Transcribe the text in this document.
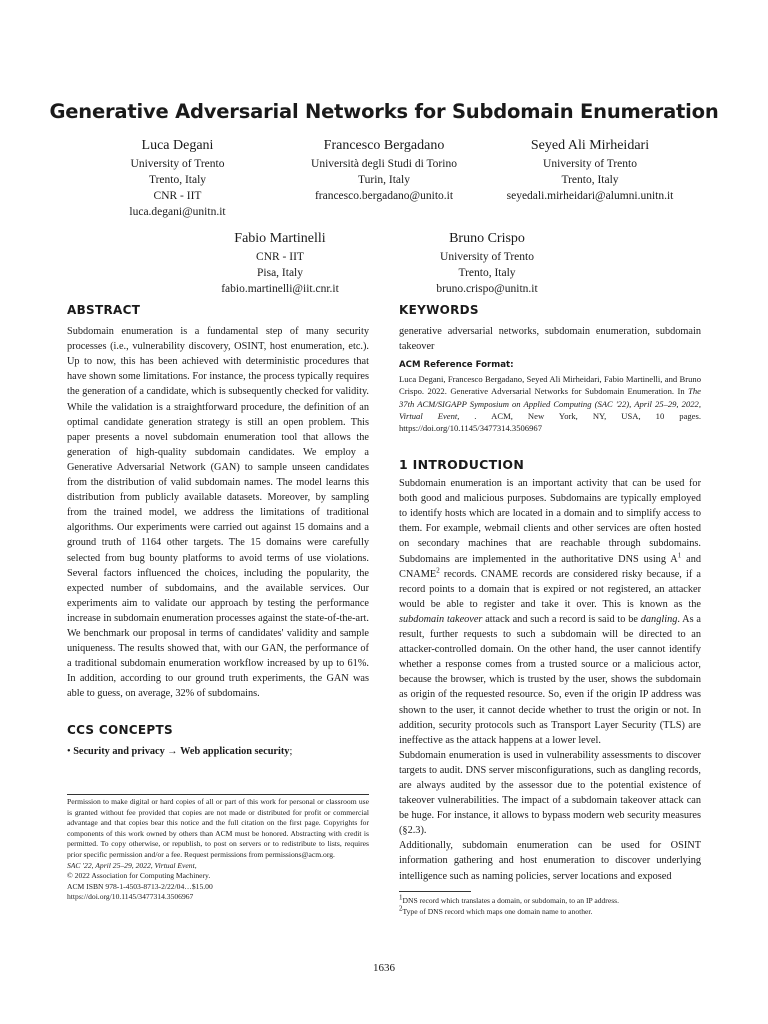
Generative Adversarial Networks for Subdomain Enumeration
Luca Degani
University of Trento
Trento, Italy
CNR - IIT
luca.degani@unitn.it
Francesco Bergadano
Università degli Studi di Torino
Turin, Italy
francesco.bergadano@unito.it
Seyed Ali Mirheidari
University of Trento
Trento, Italy
seyedali.mirheidari@alumni.unitn.it
Fabio Martinelli
CNR - IIT
Pisa, Italy
fabio.martinelli@iit.cnr.it
Bruno Crispo
University of Trento
Trento, Italy
bruno.crispo@unitn.it
ABSTRACT

Subdomain enumeration is a fundamental step of many security processes (i.e., vulnerability discovery, OSINT, host enumeration, etc.). Up to now, this has been achieved with deterministic procedures that have shown some limitations. For instance, the process typically requires the generation of a candidate, which is subsequently checked for validity. While the validation is a straightforward procedure, the definition of an optimal candidate generation strategy is still an open problem. This paper presents a novel subdomain enumeration tool that allows the generation of high-quality subdomain candidates. We employ a Generative Adversarial Network (GAN) to sample unseen candidates from the distribution of valid subdomain names. The model learns this distribution from publicly available datasets. Moreover, by sampling from the trained model, we address the limitations of traditional algorithms. Our experiments were carried out against 15 domains and a ground truth of 1164 other targets. The 15 domains were carefully selected from bug bounty platforms to avoid terms of use violations. Several factors influenced the choices, including the popularity, the expected number of subdomains, and the available services. Our experiments aim to validate our approach by testing the performance increase in subdomain enumeration processes against the state-of-the-art. We benchmark our proposal in terms of candidates' validity and sample uniqueness. The results showed that, with our GAN, the performance of a traditional subdomain enumeration workflow increased by up to 61%. In addition, according to our ground truth experiments, the GAN was able to guess, on average, 32% of subdomains.

CCS CONCEPTS

• Security and privacy → Web application security;

Permission to make digital or hard copies of all or part of this work for personal or classroom use is granted without fee provided that copies are not made or distributed for profit or commercial advantage and that copies bear this notice and the full citation on the first page. Copyrights for components of this work owned by others than ACM must be honored. Abstracting with credit is permitted. To copy otherwise, or republish, to post on servers or to redistribute to lists, requires prior specific permission and/or a fee. Request permissions from permissions@acm.org.
SAC '22, April 25–29, 2022, Virtual Event,
© 2022 Association for Computing Machinery.
ACM ISBN 978-1-4503-8713-2/22/04…$15.00
https://doi.org/10.1145/3477314.3506967
KEYWORDS

generative adversarial networks, subdomain enumeration, subdomain takeover

ACM Reference Format:

Luca Degani, Francesco Bergadano, Seyed Ali Mirheidari, Fabio Martinelli, and Bruno Crispo. 2022. Generative Adversarial Networks for Subdomain Enumeration. In The 37th ACM/SIGAPP Symposium on Applied Computing (SAC '22), April 25–29, 2022, Virtual Event, . ACM, New York, NY, USA, 10 pages. https://doi.org/10.1145/3477314.3506967

1 INTRODUCTION

Subdomain enumeration is an important activity that can be used for both good and malicious purposes. Subdomains are typically employed to identify hosts which are located in a domain and to simplify access to them. For example, webmail clients and other services are often hosted on secondary machines that are reachable through subdomains. Subdomains are implemented in the authoritative DNS using $A^1$ and CNAME$^2$ records. CNAME records are considered risky because, if a record points to a domain that is expired or not registered, an attacker would be able to register and take it over. This is known as the subdomain takeover attack and such a record is said to be dangling. As a result, further requests to such a subdomain will be directed to an attacker-controlled domain. On the other hand, the user cannot identify whether a response comes from a trusted source or a malicious actor, because the browser, which is trusted by the user, shows the subdomain as origin of the requested resource. So, even if the origin IP address was shown to the user, it cannot decide whether to trust the origin or not. In addition, security protocols such as Transport Layer Security (TLS) are ineffective as the attack happens at a lower level.

Subdomain enumeration is used in vulnerability assessments to discover targets to audit. DNS server misconfigurations, such as dangling records, are always audited by the assessor due to the potential existence of takeover vulnerabilities. The impact of a subdomain takeover attack can be huge. For instance, it allows to bypass modern web security measures (§2.3).

Additionally, subdomain enumeration can be used for OSINT information gathering and host enumeration to discover underlying intelligence such as naming policies, server locations and exposed

$^1$DNS record which translates a domain, or subdomain, to an IP address.
$^2$Type of DNS record which maps one domain name to another.
1636
